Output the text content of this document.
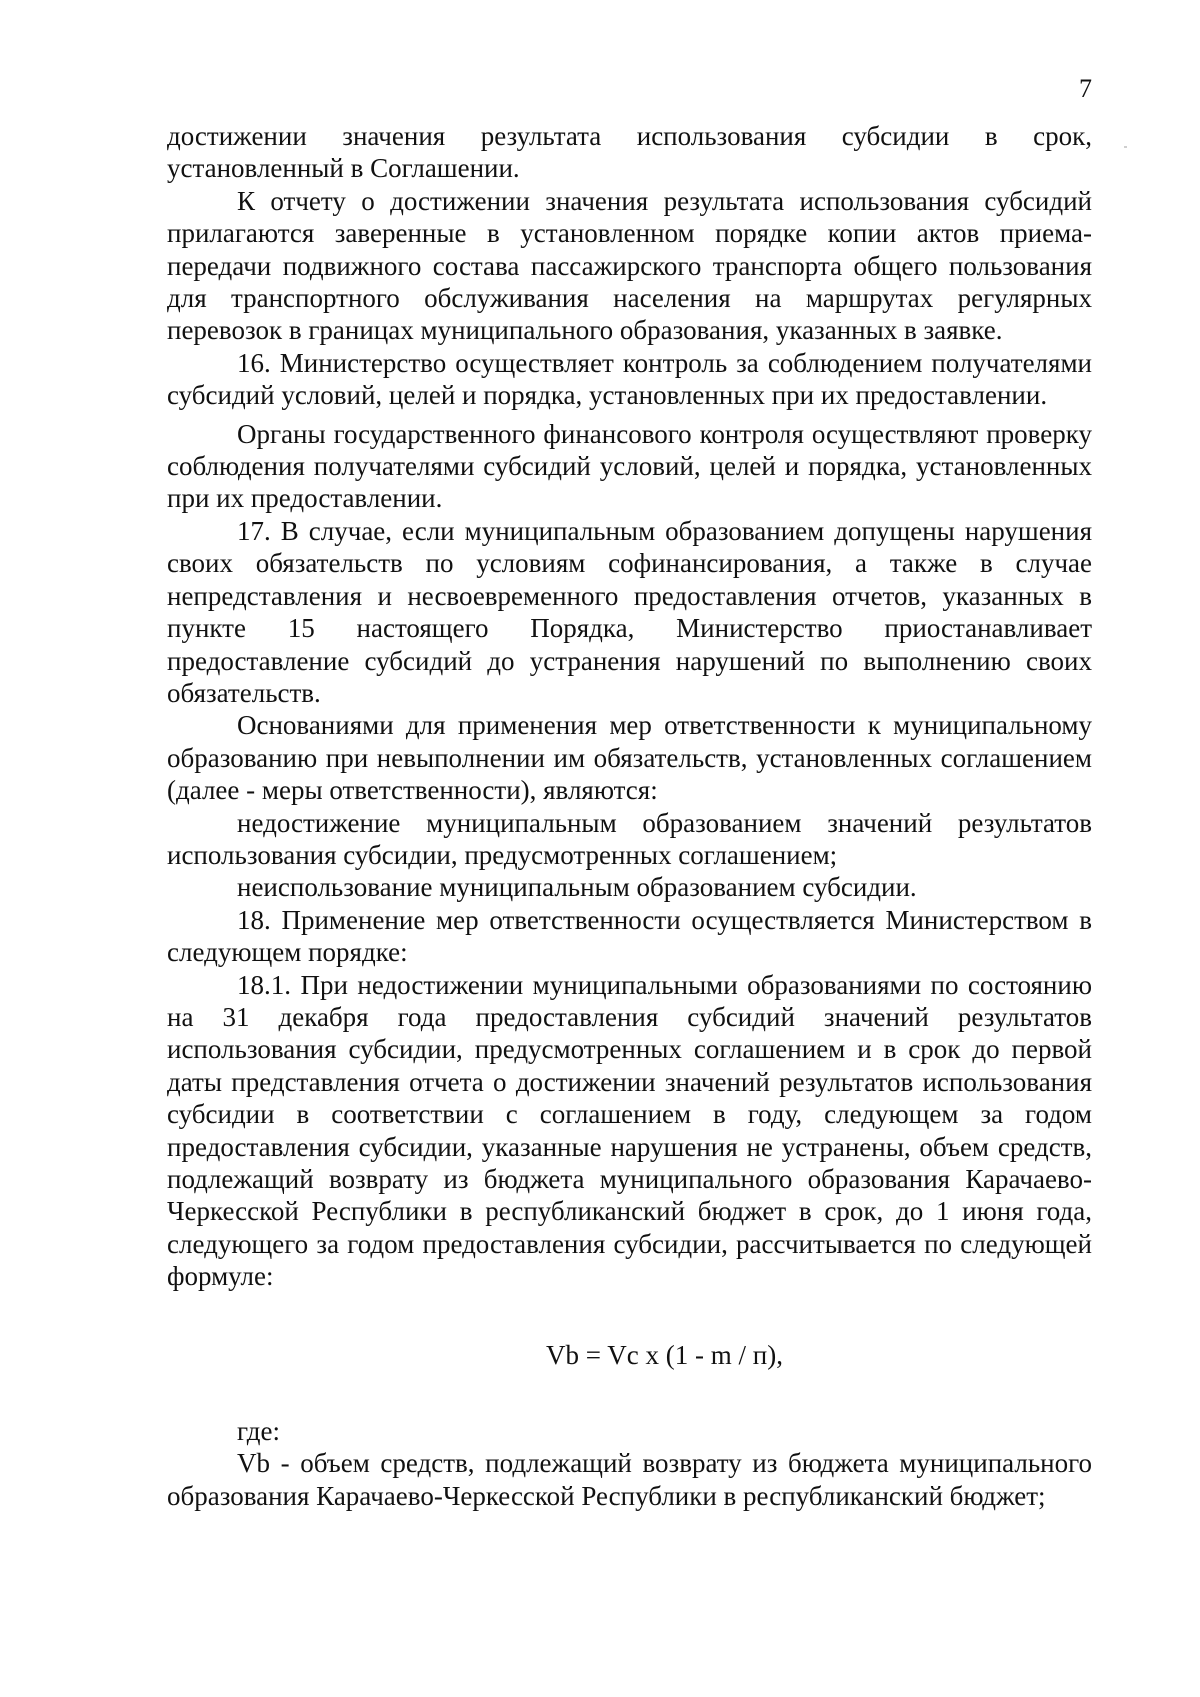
7

достижении значения результата использования субсидии в срок, установленный в Соглашении.

К отчету о достижении значения результата использования субсидий прилагаются заверенные в установленном порядке копии актов приема- передачи подвижного состава пассажирского транспорта общего пользования для транспортного обслуживания населения на маршрутах регулярных перевозок в границах муниципального образования, указанных в заявке.

16. Министерство осуществляет контроль за соблюдением получателями субсидий условий, целей и порядка, установленных при их предоставлении.

Органы государственного финансового контроля осуществляют проверку соблюдения получателями субсидий условий, целей и порядка, установленных при их предоставлении.

17. В случае, если муниципальным образованием допущены нарушения своих обязательств по условиям софинансирования, а также в случае непредставления и несвоевременного предоставления отчетов, указанных в пункте 15 настоящего Порядка, Министерство приостанавливает предоставление субсидий до устранения нарушений по выполнению своих обязательств.

Основаниями для применения мер ответственности к муниципальному образованию при невыполнении им обязательств, установленных соглашением (далее - меры ответственности), являются:

недостижение муниципальным образованием значений результатов использования субсидии, предусмотренных соглашением;

неиспользование муниципальным образованием субсидии.

18. Применение мер ответственности осуществляется Министерством в следующем порядке:

18.1. При недостижении муниципальными образованиями по состоянию на 31 декабря года предоставления субсидий значений результатов использования субсидии, предусмотренных соглашением и в срок до первой даты представления отчета о достижении значений результатов использования субсидии в соответствии с соглашением в году, следующем за годом предоставления субсидии, указанные нарушения не устранены, объем средств, подлежащий возврату из бюджета муниципального образования Карачаево-Черкесской Республики в республиканский бюджет в срок, до 1 июня года, следующего за годом предоставления субсидии, рассчитывается по следующей формуле:

Vb = Vc x (1 - m / п),

где:

Vb - объем средств, подлежащий возврату из бюджета муниципального образования Карачаево-Черкесской Республики в республиканский бюджет;
